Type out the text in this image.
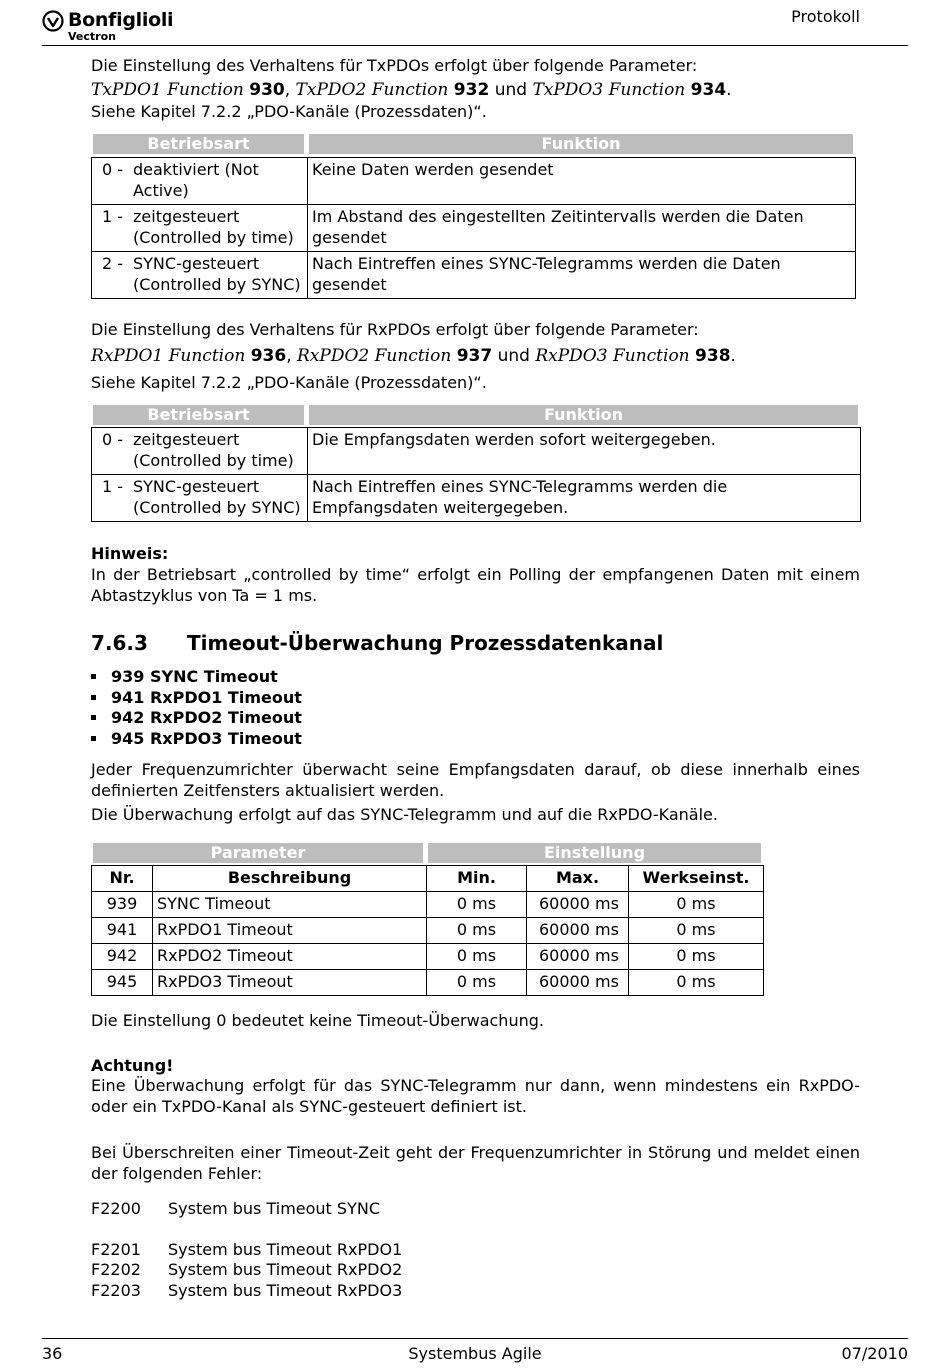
Bonfiglioli
Vectron
Protokoll
Die Einstellung des Verhaltens für TxPDOs erfolgt über folgende Parameter:
TxPDO1 Function 930, TxPDO2 Function 932 und TxPDO3 Function 934.
Siehe Kapitel 7.2.2 „PDO-Kanäle (Prozessdaten)“.
Betriebsart	Funktion
0 - deaktiviert (Not Active)	Keine Daten werden gesendet

1 - zeitgesteuert (Controlled by time)	Im Abstand des eingestellten Zeitintervalls werden die Daten gesendet

2 - SYNC-gesteuert (Controlled by SYNC)	Nach Eintreffen eines SYNC-Telegramms werden die Daten gesendet
Die Einstellung des Verhaltens für RxPDOs erfolgt über folgende Parameter:
RxPDO1 Function 936, RxPDO2 Function 937 und RxPDO3 Function 938.
Siehe Kapitel 7.2.2 „PDO-Kanäle (Prozessdaten)“.
Betriebsart	Funktion
0 - zeitgesteuert (Controlled by time)	Die Empfangsdaten werden sofort weitergegeben.

1 - SYNC-gesteuert (Controlled by SYNC)	Nach Eintreffen eines SYNC-Telegramms werden die Empfangsdaten weitergegeben.
Hinweis:
In der Betriebsart „controlled by time“ erfolgt ein Polling der empfangenen Daten mit einem Abtastzyklus von Ta = 1 ms.
7.6.3 Timeout-Überwachung Prozessdatenkanal
939 SYNC Timeout
941 RxPDO1 Timeout
942 RxPDO2 Timeout
945 RxPDO3 Timeout
Jeder Frequenzumrichter überwacht seine Empfangsdaten darauf, ob diese innerhalb eines definierten Zeitfensters aktualisiert werden.
Die Überwachung erfolgt auf das SYNC-Telegramm und auf die RxPDO-Kanäle.
Parameter	Einstellung
Nr.	Beschreibung	Min.	Max.	Werkseinst.
939	SYNC Timeout	0 ms	60000 ms	0 ms
941	RxPDO1 Timeout	0 ms	60000 ms	0 ms
942	RxPDO2 Timeout	0 ms	60000 ms	0 ms
945	RxPDO3 Timeout	0 ms	60000 ms	0 ms
Die Einstellung 0 bedeutet keine Timeout-Überwachung.
Achtung!
Eine Überwachung erfolgt für das SYNC-Telegramm nur dann, wenn mindestens ein RxPDO- oder ein TxPDO-Kanal als SYNC-gesteuert definiert ist.
Bei Überschreiten einer Timeout-Zeit geht der Frequenzumrichter in Störung und meldet einen der folgenden Fehler:
F2200 System bus Timeout SYNC
F2201 System bus Timeout RxPDO1
F2202 System bus Timeout RxPDO2
F2203 System bus Timeout RxPDO3
36	Systembus Agile	07/2010
